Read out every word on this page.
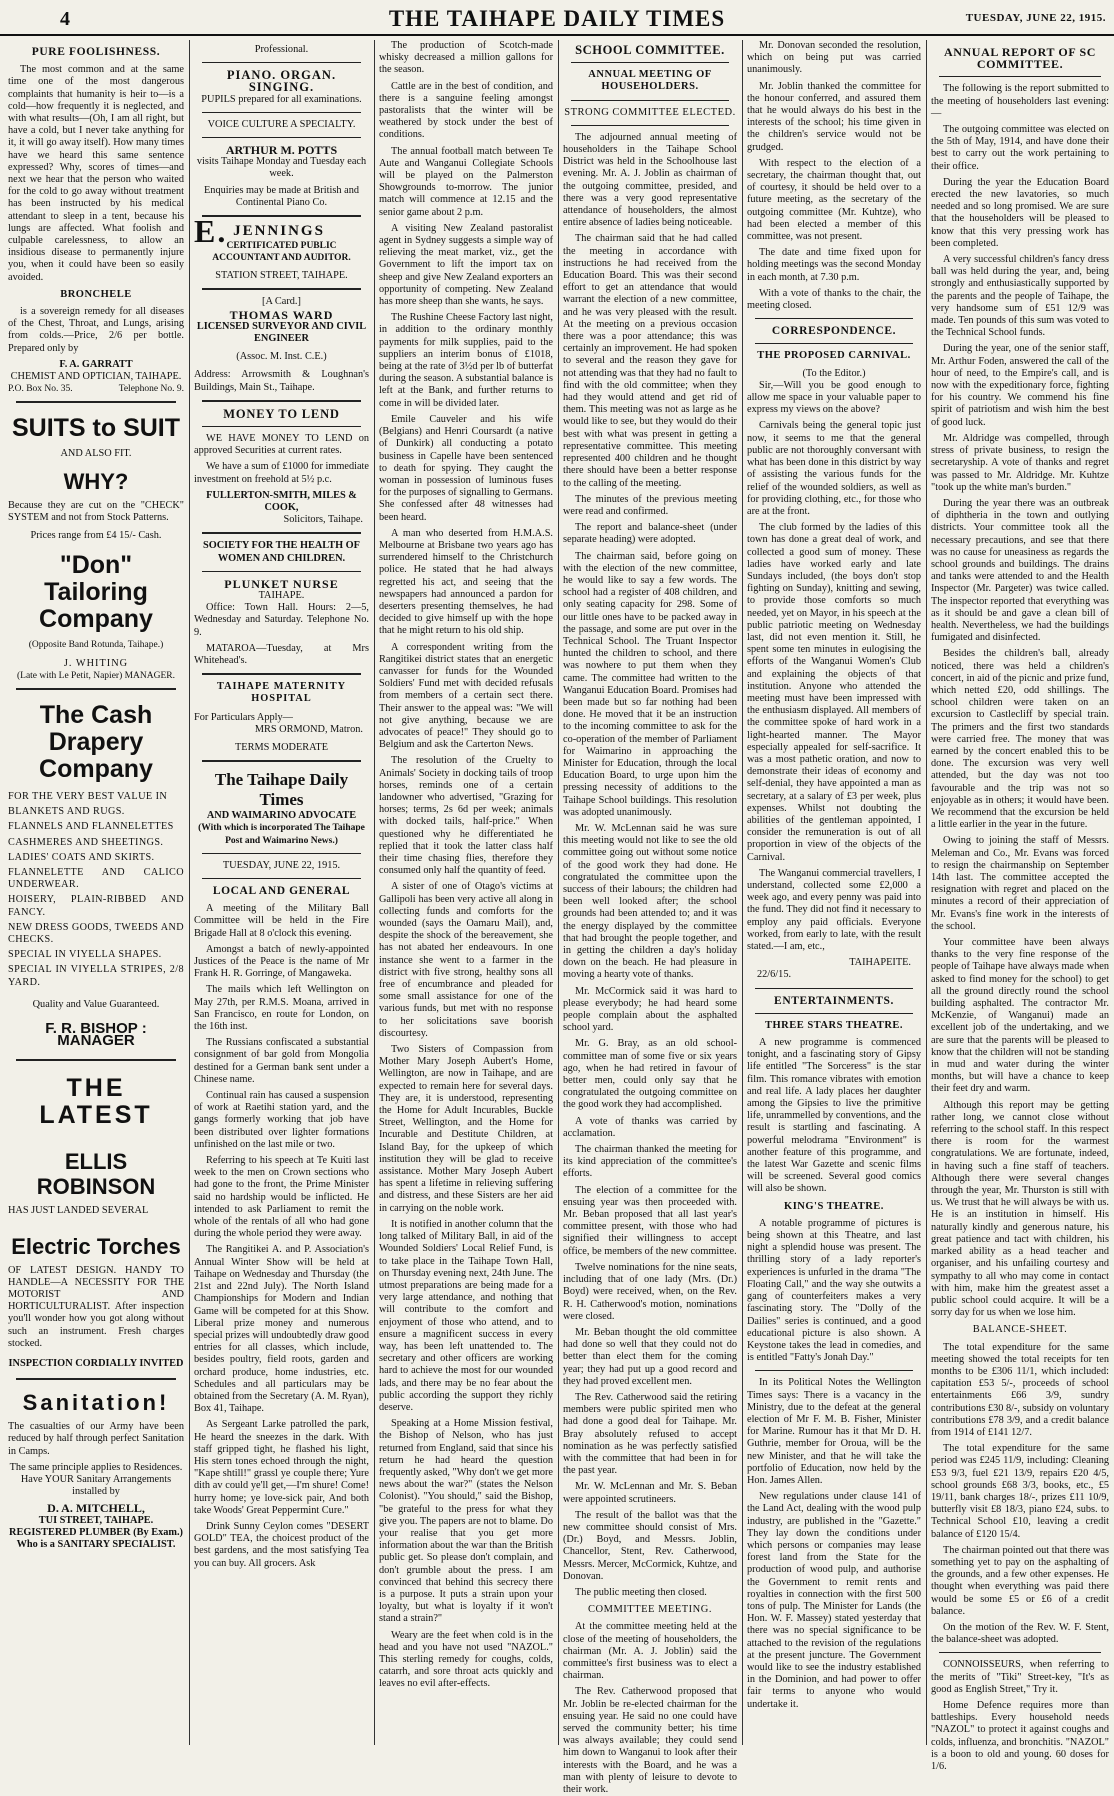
4	THE TAIHAPE DAILY TIMES	TUESDAY, JUNE 22, 1915.
PURE FOOLISHNESS.

The most common and at the same time one of the most dangerous complaints that humanity is heir to—is a cold—how frequently it is neglected, and with what results—(Oh, I am all right, but have a cold, but I never take anything for it, it will go away itself). How many times have we heard this same sentence expressed? Why, scores of times—and next we hear that the person who waited for the cold to go away without treatment has been instructed by his medical attendant to sleep in a tent, because his lungs are affected. What foolish and culpable carelessness, to allow an insidious disease to permanently injure you, when it could have been so easily avoided.

BRONCHELE

is a sovereign remedy for all diseases of the Chest, Throat, and Lungs, arising from colds.—Price, 2/6 per bottle. Prepared only by

F. A. GARRATT
CHEMIST AND OPTICIAN, TAIHAPE.
P.O. Box No. 35.	Telephone No. 9.
SUITS to SUIT
AND ALSO FIT.
WHY?

Because they are cut on the "CHECK" SYSTEM and not from Stock Patterns.

Prices range from £4 15/- Cash.
"Don" Tailoring Company
(Opposite Band Rotunda, Taihape.)
J. WHITING
(Late with Le Petit, Napier) MANAGER.
The Cash Drapery Company
FOR THE VERY BEST VALUE IN
BLANKETS AND RUGS.
FLANNELS AND FLANNELETTES
CASHMERES AND SHEETINGS.
LADIES' COATS AND SKIRTS.
FLANNELETTE AND CALICO UNDERWEAR.
HOISERY, PLAIN-RIBBED AND FANCY.
NEW DRESS GOODS, TWEEDS AND CHECKS.
SPECIAL IN VIYELLA SHAPES.
SPECIAL IN VIYELLA STRIPES, 2/8 YARD.
Quality and Value Guaranteed.
F. R. BISHOP : MANAGER
THE LATEST
ELLIS ROBINSON
HAS JUST LANDED SEVERAL
Electric Torches

OF LATEST DESIGN. HANDY TO HANDLE—A NECESSITY FOR THE MOTORIST AND HORTICULTURALIST. After inspection you'll wonder how you got along without such an instrument. Fresh charges stocked.

INSPECTION CORDIALLY INVITED
Sanitation!

The casualties of our Army have been reduced by half through perfect Sanitation in Camps.

The same principle applies to Residences.
Have YOUR Sanitary Arrangements installed by
D. A. MITCHELL,
TUI STREET, TAIHAPE.
REGISTERED PLUMBER (By Exam.)
Who is a SANITARY SPECIALIST.
Professional.
PIANO. ORGAN. SINGING.
PUPILS prepared for all examinations.
VOICE CULTURE A SPECIALTY.
ARTHUR M. POTTS
visits Taihape Monday and Tuesday each week.
Enquiries may be made at British and Continental Piano Co.
E. JENNINGS
CERTIFICATED PUBLIC ACCOUNTANT AND AUDITOR.
STATION STREET, TAIHAPE.
[A Card.]
THOMAS WARD
LICENSED SURVEYOR AND CIVIL ENGINEER
(Assoc. M. Inst. C.E.)

Address: Arrowsmith & Loughnan's Buildings, Main St., Taihape.

MONEY TO LEND

WE HAVE MONEY TO LEND on approved Securities at current rates.

We have a sum of £1000 for immediate investment on freehold at 5½ p.c.

FULLERTON-SMITH, MILES & COOK,
Solicitors, Taihape.
SOCIETY FOR THE HEALTH OF WOMEN AND CHILDREN.
PLUNKET NURSE
TAIHAPE.

Office: Town Hall. Hours: 2—5, Wednesday and Saturday. Telephone No. 9.

MATAROA—Tuesday, at Mrs Whitehead's.

TAIHAPE MATERNITY HOSPITAL
For Particulars Apply—
MRS ORMOND, Matron.
TERMS MODERATE
The Taihape Daily Times
AND WAIMARINO ADVOCATE
(With which is incorporated The Taihape Post and Waimarino News.)
TUESDAY, JUNE 22, 1915.
LOCAL AND GENERAL

A meeting of the Military Ball Committee will be held in the Fire Brigade Hall at 8 o'clock this evening.

Amongst a batch of newly-appointed Justices of the Peace is the name of Mr Frank H. R. Gorringe, of Mangaweka.

The mails which left Wellington on May 27th, per R.M.S. Moana, arrived in San Francisco, en route for London, on the 16th inst.

The Russians confiscated a substantial consignment of bar gold from Mongolia destined for a German bank sent under a Chinese name.

Continual rain has caused a suspension of work at Raetihi station yard, and the gangs formerly working that job have been distributed over lighter formations unfinished on the last mile or two.

Referring to his speech at Te Kuiti last week to the men on Crown sections who had gone to the front, the Prime Minister said no hardship would be inflicted. He intended to ask Parliament to remit the whole of the rentals of all who had gone during the whole period they were away.

The Rangitikei A. and P. Association's Annual Winter Show will be held at Taihape on Wednesday and Thursday (the 21st and 22nd July). The North Island Championships for Modern and Indian Game will be competed for at this Show. Liberal prize money and numerous special prizes will undoubtedly draw good entries for all classes, which include, besides poultry, field roots, garden and orchard produce, home industries, etc. Schedules and all particulars may be obtained from the Secretary (A. M. Ryan), Box 41, Taihape.

As Sergeant Larke patrolled the park, He heard the sneezes in the dark. With staff gripped tight, he flashed his light, His stern tones echoed through the night, "Kape shtill!" grassl ye couple there; Yure dith av could ye'll get,—I'm shure! Come! hurry home; ye love-sick pair, And both take Woods' Great Peppermint Cure."

Drink Sunny Ceylon comes "DESERT GOLD" TEA, the choicest product of the best gardens, and the most satisfying Tea you can buy. All grocers. Ask

The production of Scotch-made whisky decreased a million gallons for the season.

Cattle are in the best of condition, and there is a sanguine feeling amongst pastoralists that the winter will be weathered by stock under the best of conditions.

The annual football match between Te Aute and Wanganui Collegiate Schools will be played on the Palmerston Showgrounds to-morrow. The junior match will commence at 12.15 and the senior game about 2 p.m.

A visiting New Zealand pastoralist agent in Sydney suggests a simple way of relieving the meat market, viz., get the Government to lift the import tax on sheep and give New Zealand exporters an opportunity of competing. New Zealand has more sheep than she wants, he says.

The Rushine Cheese Factory last night, in addition to the ordinary monthly payments for milk supplies, paid to the suppliers an interim bonus of £1018, being at the rate of 3½d per lb of butterfat during the season. A substantial balance is left at the Bank, and further returns to come in will be divided later.

Emile Cauveler and his wife (Belgians) and Henri Coursardt (a native of Dunkirk) all conducting a potato business in Capelle have been sentenced to death for spying. They caught the woman in possession of luminous fuses for the purposes of signalling to Germans. She confessed after 48 witnesses had been heard.

A man who deserted from H.M.A.S. Melbourne at Brisbane two years ago has surrendered himself to the Christchurch police. He stated that he had always regretted his act, and seeing that the newspapers had announced a pardon for deserters presenting themselves, he had decided to give himself up with the hope that he might return to his old ship.

A correspondent writing from the Rangitikei district states that an energetic canvasser for funds for the Wounded Soldiers' Fund met with decided refusals from members of a certain sect there. Their answer to the appeal was: "We will not give anything, because we are advocates of peace!" They should go to Belgium and ask the Carterton News.

The resolution of the Cruelty to Animals' Society in docking tails of troop horses, reminds one of a certain landowner who advertised, "Grazing for horses; terms, 2s 6d per week; animals with docked tails, half-price." When questioned why he differentiated he replied that it took the latter class half their time chasing flies, therefore they consumed only half the quantity of feed.

A sister of one of Otago's victims at Gallipoli has been very active all along in collecting funds and comforts for the wounded (says the Oamaru Mail), and, despite the shock of the bereavement, she has not abated her endeavours. In one instance she went to a farmer in the district with five strong, healthy sons all free of encumbrance and pleaded for some small assistance for one of the various funds, but met with no response to her solicitations save boorish discourtesy.

Two Sisters of Compassion from Mother Mary Joseph Aubert's Home, Wellington, are now in Taihape, and are expected to remain here for several days. They are, it is understood, representing the Home for Adult Incurables, Buckle Street, Wellington, and the Home for Incurable and Destitute Children, at Island Bay, for the upkeep of which institution they will be glad to receive assistance. Mother Mary Joseph Aubert has spent a lifetime in relieving suffering and distress, and these Sisters are her aid in carrying on the noble work.

It is notified in another column that the long talked of Military Ball, in aid of the Wounded Soldiers' Local Relief Fund, is to take place in the Taihape Town Hall, on Thursday evening next, 24th June. The utmost preparations are being made for a very large attendance, and nothing that will contribute to the comfort and enjoyment of those who attend, and to ensure a magnificent success in every way, has been left unattended to. The secretary and other officers are working hard to achieve the most for our wounded lads, and there may be no fear about the public according the support they richly deserve.

Speaking at a Home Mission festival, the Bishop of Nelson, who has just returned from England, said that since his return he had heard the question frequently asked, "Why don't we get more news about the war?" (states the Nelson Colonist). "You should," said the Bishop, "be grateful to the press for what they give you. The papers are not to blame. Do your realise that you get more information about the war than the British public get. So please don't complain, and don't grumble about the press. I am convinced that behind this secrecy there is a purpose. It puts a strain upon your loyalty, but what is loyalty if it won't stand a strain?"

Weary are the feet when cold is in the head and you have not used "NAZOL." This sterling remedy for coughs, colds, catarrh, and sore throat acts quickly and leaves no evil after-effects.

SCHOOL COMMITTEE.
ANNUAL MEETING OF HOUSEHOLDERS.
STRONG COMMITTEE ELECTED.

The adjourned annual meeting of householders in the Taihape School District was held in the Schoolhouse last evening. Mr. A. J. Joblin as chairman of the outgoing committee, presided, and there was a very good representative attendance of householders, the almost entire absence of ladies being noticeable.

The chairman said that he had called the meeting in accordance with instructions he had received from the Education Board. This was their second effort to get an attendance that would warrant the election of a new committee, and he was very pleased with the result. At the meeting on a previous occasion there was a poor attendance; this was certainly an improvement. He had spoken to several and the reason they gave for not attending was that they had no fault to find with the old committee; when they had they would attend and get rid of them. This meeting was not as large as he would like to see, but they would do their best with what was present in getting a representative committee. This meeting represented 400 children and he thought there should have been a better response to the calling of the meeting.

The minutes of the previous meeting were read and confirmed.

The report and balance-sheet (under separate heading) were adopted.

The chairman said, before going on with the election of the new committee, he would like to say a few words. The school had a register of 408 children, and only seating capacity for 298. Some of our little ones have to be packed away in the passage, and some are put over in the Technical School. The Truant Inspector hunted the children to school, and there was nowhere to put them when they came. The committee had written to the Wanganui Education Board. Promises had been made but so far nothing had been done. He moved that it be an instruction to the incoming committee to ask for the co-operation of the member of Parliament for Waimarino in approaching the Minister for Education, through the local Education Board, to urge upon him the pressing necessity of additions to the Taihape School buildings. This resolution was adopted unanimously.

Mr. W. McLennan said he was sure this meeting would not like to see the old committee going out without some notice of the good work they had done. He congratulated the committee upon the success of their labours; the children had been well looked after; the school grounds had been attended to; and it was the energy displayed by the committee that had brought the people together, and in getting the children a day's holiday down on the beach. He had pleasure in moving a hearty vote of thanks.

Mr. McCormick said it was hard to please everybody; he had heard some people complain about the asphalted school yard.

Mr. G. Bray, as an old school-committee man of some five or six years ago, when he had retired in favour of better men, could only say that he congratulated the outgoing committee on the good work they had accomplished.

A vote of thanks was carried by acclamation.

The chairman thanked the meeting for its kind appreciation of the committee's efforts.

The election of a committee for the ensuing year was then proceeded with. Mr. Beban proposed that all last year's committee present, with those who had signified their willingness to accept office, be members of the new committee.

Twelve nominations for the nine seats, including that of one lady (Mrs. (Dr.) Boyd) were received, when, on the Rev. R. H. Catherwood's motion, nominations were closed.

Mr. Beban thought the old committee had done so well that they could not do better than elect them for the coming year; they had put up a good record and they had proved excellent men.

The Rev. Catherwood said the retiring members were public spirited men who had done a good deal for Taihape. Mr. Bray absolutely refused to accept nomination as he was perfectly satisfied with the committee that had been in for the past year.

Mr. W. McLennan and Mr. S. Beban were appointed scrutineers.

The result of the ballot was that the new committee should consist of Mrs. (Dr.) Boyd, and Messrs. Joblin, Chancellor, Stent, Rev. Catherwood, Messrs. Mercer, McCormick, Kuhtze, and Donovan.

The public meeting then closed.

COMMITTEE MEETING.

At the committee meeting held at the close of the meeting of householders, the chairman (Mr. A. J. Joblin) said the committee's first business was to elect a chairman.

The Rev. Catherwood proposed that Mr. Joblin be re-elected chairman for the ensuing year. He said no one could have served the community better; his time was always available; they could send him down to Wanganui to look after their interests with the Board, and he was a man with plenty of leisure to devote to their work.

Mr. Donovan seconded the resolution, which on being put was carried unanimously.

Mr. Joblin thanked the committee for the honour conferred, and assured them that he would always do his best in the interests of the school; his time given in the children's service would not be grudged.

With respect to the election of a secretary, the chairman thought that, out of courtesy, it should be held over to a future meeting, as the secretary of the outgoing committee (Mr. Kuhtze), who had been elected a member of this committee, was not present.

The date and time fixed upon for holding meetings was the second Monday in each month, at 7.30 p.m.

With a vote of thanks to the chair, the meeting closed.

CORRESPONDENCE.
THE PROPOSED CARNIVAL.
(To the Editor.)

Sir,—Will you be good enough to allow me space in your valuable paper to express my views on the above?

Carnivals being the general topic just now, it seems to me that the general public are not thoroughly conversant with what has been done in this district by way of assisting the various funds for the relief of the wounded soldiers, as well as for providing clothing, etc., for those who are at the front.

The club formed by the ladies of this town has done a great deal of work, and collected a good sum of money. These ladies have worked early and late Sundays included, (the boys don't stop fighting on Sunday), knitting and sewing, to provide those comforts so much needed, yet on Mayor, in his speech at the public patriotic meeting on Wednesday last, did not even mention it. Still, he spent some ten minutes in eulogising the efforts of the Wanganui Women's Club and explaining the objects of that institution. Anyone who attended the meeting must have been impressed with the enthusiasm displayed. All members of the committee spoke of hard work in a light-hearted manner. The Mayor especially appealed for self-sacrifice. It was a most pathetic oration, and now to demonstrate their ideas of economy and self-denial, they have appointed a man as secretary, at a salary of £3 per week, plus expenses. Whilst not doubting the abilities of the gentleman appointed, I consider the remuneration is out of all proportion in view of the objects of the Carnival.

The Wanganui commercial travellers, I understand, collected some £2,000 a week ago, and every penny was paid into the fund. They did not find it necessary to employ any paid officials. Everyone worked, from early to late, with the result stated.—I am, etc.,

TAIHAPEITE.
22/6/15.
ENTERTAINMENTS.
THREE STARS THEATRE.

A new programme is commenced tonight, and a fascinating story of Gipsy life entitled "The Sorceress" is the star film. This romance vibrates with emotion and real life. A lady places her daughter among the Gipsies to live the primitive life, unrammelled by conventions, and the result is startling and fascinating. A powerful melodrama "Environment" is another feature of this programme, and the latest War Gazette and scenic films will be screened. Several good comics will also be shown.

KING'S THEATRE.

A notable programme of pictures is being shown at this Theatre, and last night a splendid house was present. The thrilling story of a lady reporter's experiences is unfurled in the drama "The Floating Call," and the way she outwits a gang of counterfeiters makes a very fascinating story. The "Dolly of the Dailies" series is continued, and a good educational picture is also shown. A Keystone takes the lead in comedies, and is entitled "Fatty's Jonah Day."

In its Political Notes the Wellington Times says: There is a vacancy in the Ministry, due to the defeat at the general election of Mr F. M. B. Fisher, Minister for Marine. Rumour has it that Mr D. H. Guthrie, member for Oroua, will be the new Minister, and that he will take the portfolio of Education, now held by the Hon. James Allen.

New regulations under clause 141 of the Land Act, dealing with the wood pulp industry, are published in the "Gazette." They lay down the conditions under which persons or companies may lease forest land from the State for the production of wood pulp, and authorise the Government to remit rents and royalties in connection with the first 500 tons of pulp. The Minister for Lands (the Hon. W. F. Massey) stated yesterday that there was no special significance to be attached to the revision of the regulations at the present juncture. The Government would like to see the industry established in the Dominion, and had power to offer fair terms to anyone who would undertake it.

ANNUAL REPORT OF SC COMMITTEE.

The following is the report submitted to the meeting of householders last evening:—

The outgoing committee was elected on the 5th of May, 1914, and have done their best to carry out the work pertaining to their office.

During the year the Education Board erected the new lavatories, so much needed and so long promised. We are sure that the householders will be pleased to know that this very pressing work has been completed.

A very successful children's fancy dress ball was held during the year, and, being strongly and enthusiastically supported by the parents and the people of Taihape, the very handsome sum of £51 12/9 was made. Ten pounds of this sum was voted to the Technical School funds.

During the year, one of the senior staff, Mr. Arthur Foden, answered the call of the hour of need, to the Empire's call, and is now with the expeditionary force, fighting for his country. We commend his fine spirit of patriotism and wish him the best of good luck.

Mr. Aldridge was compelled, through stress of private business, to resign the secretaryship. A vote of thanks and regret was passed to Mr. Aldridge. Mr. Kuhtze "took up the white man's burden."

During the year there was an outbreak of diphtheria in the town and outlying districts. Your committee took all the necessary precautions, and see that there was no cause for uneasiness as regards the school grounds and buildings. The drains and tanks were attended to and the Health Inspector (Mr. Pargeter) was twice called. The inspector reported that everything was as it should be and gave a clean bill of health. Nevertheless, we had the buildings fumigated and disinfected.

Besides the children's ball, already noticed, there was held a children's concert, in aid of the picnic and prize fund, which netted £20, odd shillings. The school children were taken on an excursion to Castlecliff by special train. The primers and the first two standards were carried free. The money that was earned by the concert enabled this to be done. The excursion was very well attended, but the day was not too favourable and the trip was not so enjoyable as in others; it would have been. We recommend that the excursion be held a little earlier in the year in the future.

Owing to joining the staff of Messrs. Meleman and Co., Mr. Evans was forced to resign the chairmanship on September 14th last. The committee accepted the resignation with regret and placed on the minutes a record of their appreciation of Mr. Evans's fine work in the interests of the school.

Your committee have been always thanks to the very fine response of the people of Taihape have always made when asked to find money for the school) to get all the ground directly round the school building asphalted. The contractor Mr. McKenzie, of Wanganui) made an excellent job of the undertaking, and we are sure that the parents will be pleased to know that the children will not be standing in mud and water during the winter months, but will have a chance to keep their feet dry and warm.

Although this report may be getting rather long, we cannot close without referring to the school staff. In this respect there is room for the warmest congratulations. We are fortunate, indeed, in having such a fine staff of teachers. Although there were several changes through the year, Mr. Thurston is still with us. We trust that he will always be with us. He is an institution in himself. His naturally kindly and generous nature, his great patience and tact with children, his marked ability as a head teacher and organiser, and his unfailing courtesy and sympathy to all who may come in contact with him, make him the greatest asset a public school could acquire. It will be a sorry day for us when we lose him.

BALANCE-SHEET.

The total expenditure for the same meeting showed the total receipts for ten months to be £306 11/1, which included: capitation £53 5/-, proceeds of school entertainments £66 3/9, sundry contributions £30 8/-, subsidy on voluntary contributions £78 3/9, and a credit balance from 1914 of £141 12/7.

The total expenditure for the same period was £245 11/9, including: Cleaning £53 9/3, fuel £21 13/9, repairs £20 4/5, school grounds £68 3/3, books, etc., £5 19/11, bank charges 18/-, prizes £11 10/9, butterfly visit £8 18/3, piano £24, subs. to Technical School £10, leaving a credit balance of £120 15/4.

The chairman pointed out that there was something yet to pay on the asphalting of the grounds, and a few other expenses. He thought when everything was paid there would be some £5 or £6 of a credit balance.

On the motion of the Rev. W. F. Stent, the balance-sheet was adopted.

CONNOISSEURS, when referring to the merits of "Tiki" Street-key, "It's as good as English Street," Try it.

Home Defence requires more than battleships. Every household needs "NAZOL" to protect it against coughs and colds, influenza, and bronchitis. "NAZOL" is a boon to old and young. 60 doses for 1/6.
